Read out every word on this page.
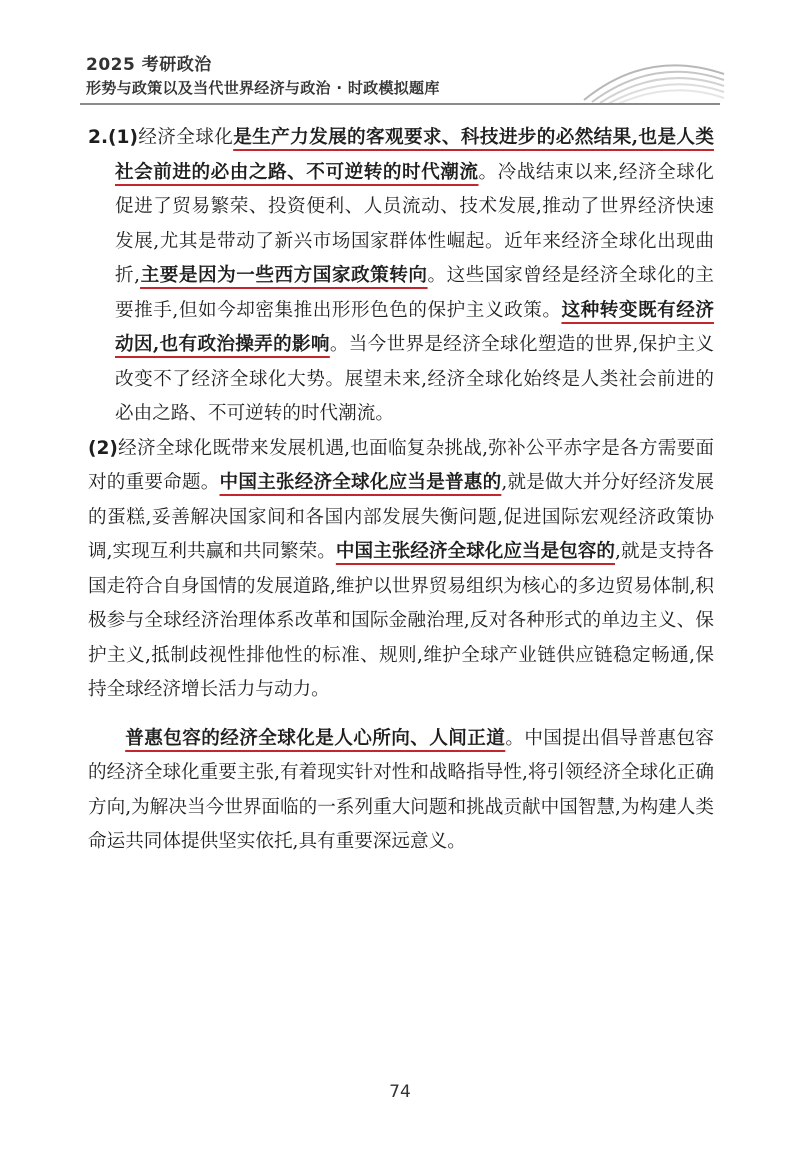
2025 考研政治
形势与政策以及当代世界经济与政治 · 时政模拟题库

2.(1)经济全球化是生产力发展的客观要求、科技进步的必然结果,也是人类社会前进的必由之路、不可逆转的时代潮流。冷战结束以来,经济全球化促进了贸易繁荣、投资便利、人员流动、技术发展,推动了世界经济快速发展,尤其是带动了新兴市场国家群体性崛起。近年来经济全球化出现曲折,主要是因为一些西方国家政策转向。这些国家曾经是经济全球化的主要推手,但如今却密集推出形形色色的保护主义政策。这种转变既有经济动因,也有政治操弄的影响。当今世界是经济全球化塑造的世界,保护主义改变不了经济全球化大势。展望未来,经济全球化始终是人类社会前进的必由之路、不可逆转的时代潮流。

(2)经济全球化既带来发展机遇,也面临复杂挑战,弥补公平赤字是各方需要面对的重要命题。中国主张经济全球化应当是普惠的,就是做大并分好经济发展的蛋糕,妥善解决国家间和各国内部发展失衡问题,促进国际宏观经济政策协调,实现互利共赢和共同繁荣。中国主张经济全球化应当是包容的,就是支持各国走符合自身国情的发展道路,维护以世界贸易组织为核心的多边贸易体制,积极参与全球经济治理体系改革和国际金融治理,反对各种形式的单边主义、保护主义,抵制歧视性排他性的标准、规则,维护全球产业链供应链稳定畅通,保持全球经济增长活力与动力。

普惠包容的经济全球化是人心所向、人间正道。中国提出倡导普惠包容的经济全球化重要主张,有着现实针对性和战略指导性,将引领经济全球化正确方向,为解决当今世界面临的一系列重大问题和挑战贡献中国智慧,为构建人类命运共同体提供坚实依托,具有重要深远意义。

74
